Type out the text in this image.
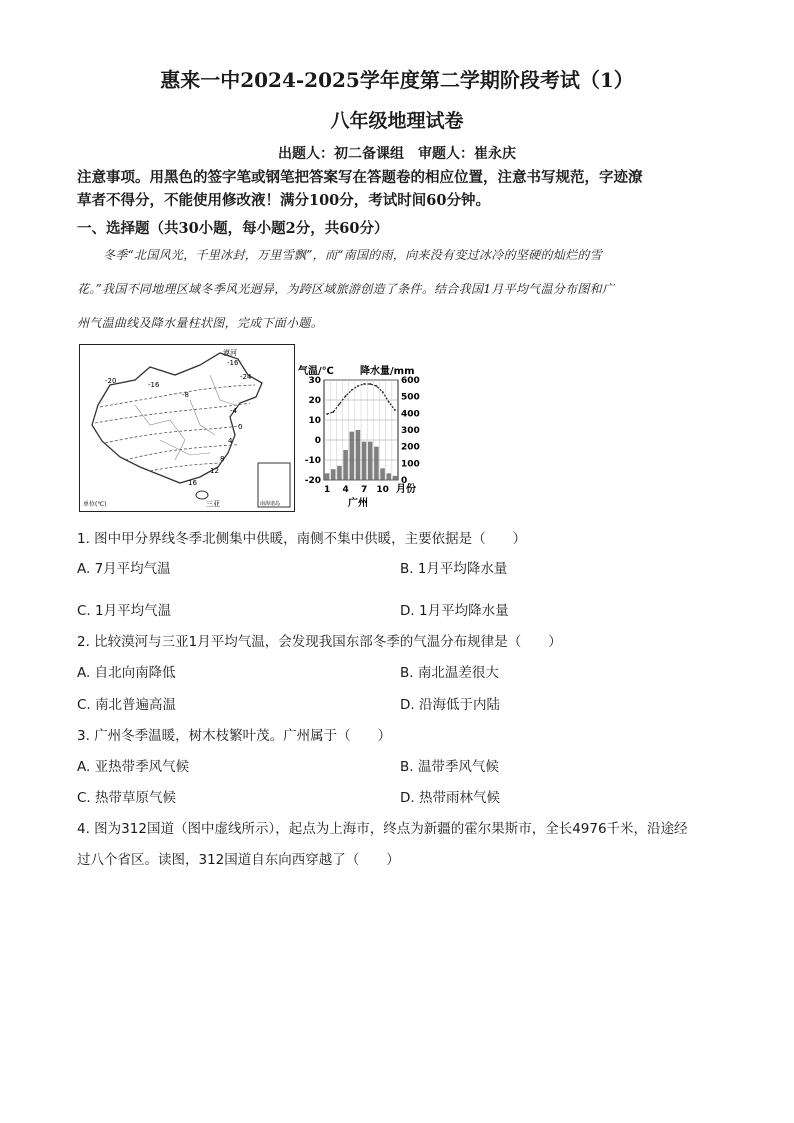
惠来一中2024-2025学年度第二学期阶段考试（1）
八年级地理试卷
出题人：初二备课组　审题人：崔永庆
注意事项。用黑色的签字笔或钢笔把答案写在答题卷的相应位置，注意书写规范，字迹潦
草者不得分，不能使用修改液！满分100分，考试时间60分钟。
一、选择题（共30小题，每小题2分，共60分）
冬季“北国风光，千里冰封，万里雪飘”，而“南国的雨，向来没有变过冰冷的坚硬的灿烂的雪
花。”我国不同地理区域冬季风光迥异，为跨区域旅游创造了条件。结合我国1月平均气温分布图和广
州气温曲线及降水量柱状图，完成下面小题。
漠河
-16
-20	-24
-16
-8
-4
0
4
8
12
16
三亚
单位(℃)	南海诸岛
气温/℃	降水量/mm
30
20
10
0
-10
-20
600
500
400
300
200
100
0
1 4 7 10 月份
广州
1. 图中甲分界线冬季北侧集中供暖，南侧不集中供暖，主要依据是（　　）
A. 7月平均气温	B. 1月平均降水量
C. 1月平均气温	D. 1月平均降水量
2. 比较漠河与三亚1月平均气温，会发现我国东部冬季的气温分布规律是（　　）
A. 自北向南降低	B. 南北温差很大
C. 南北普遍高温	D. 沿海低于内陆
3. 广州冬季温暖，树木枝繁叶茂。广州属于（　　）
A. 亚热带季风气候	B. 温带季风气候
C. 热带草原气候	D. 热带雨林气候
4. 图为312国道（图中虚线所示），起点为上海市，终点为新疆的霍尔果斯市，全长4976千米，沿途经
过八个省区。读图，312国道自东向西穿越了（　　）
